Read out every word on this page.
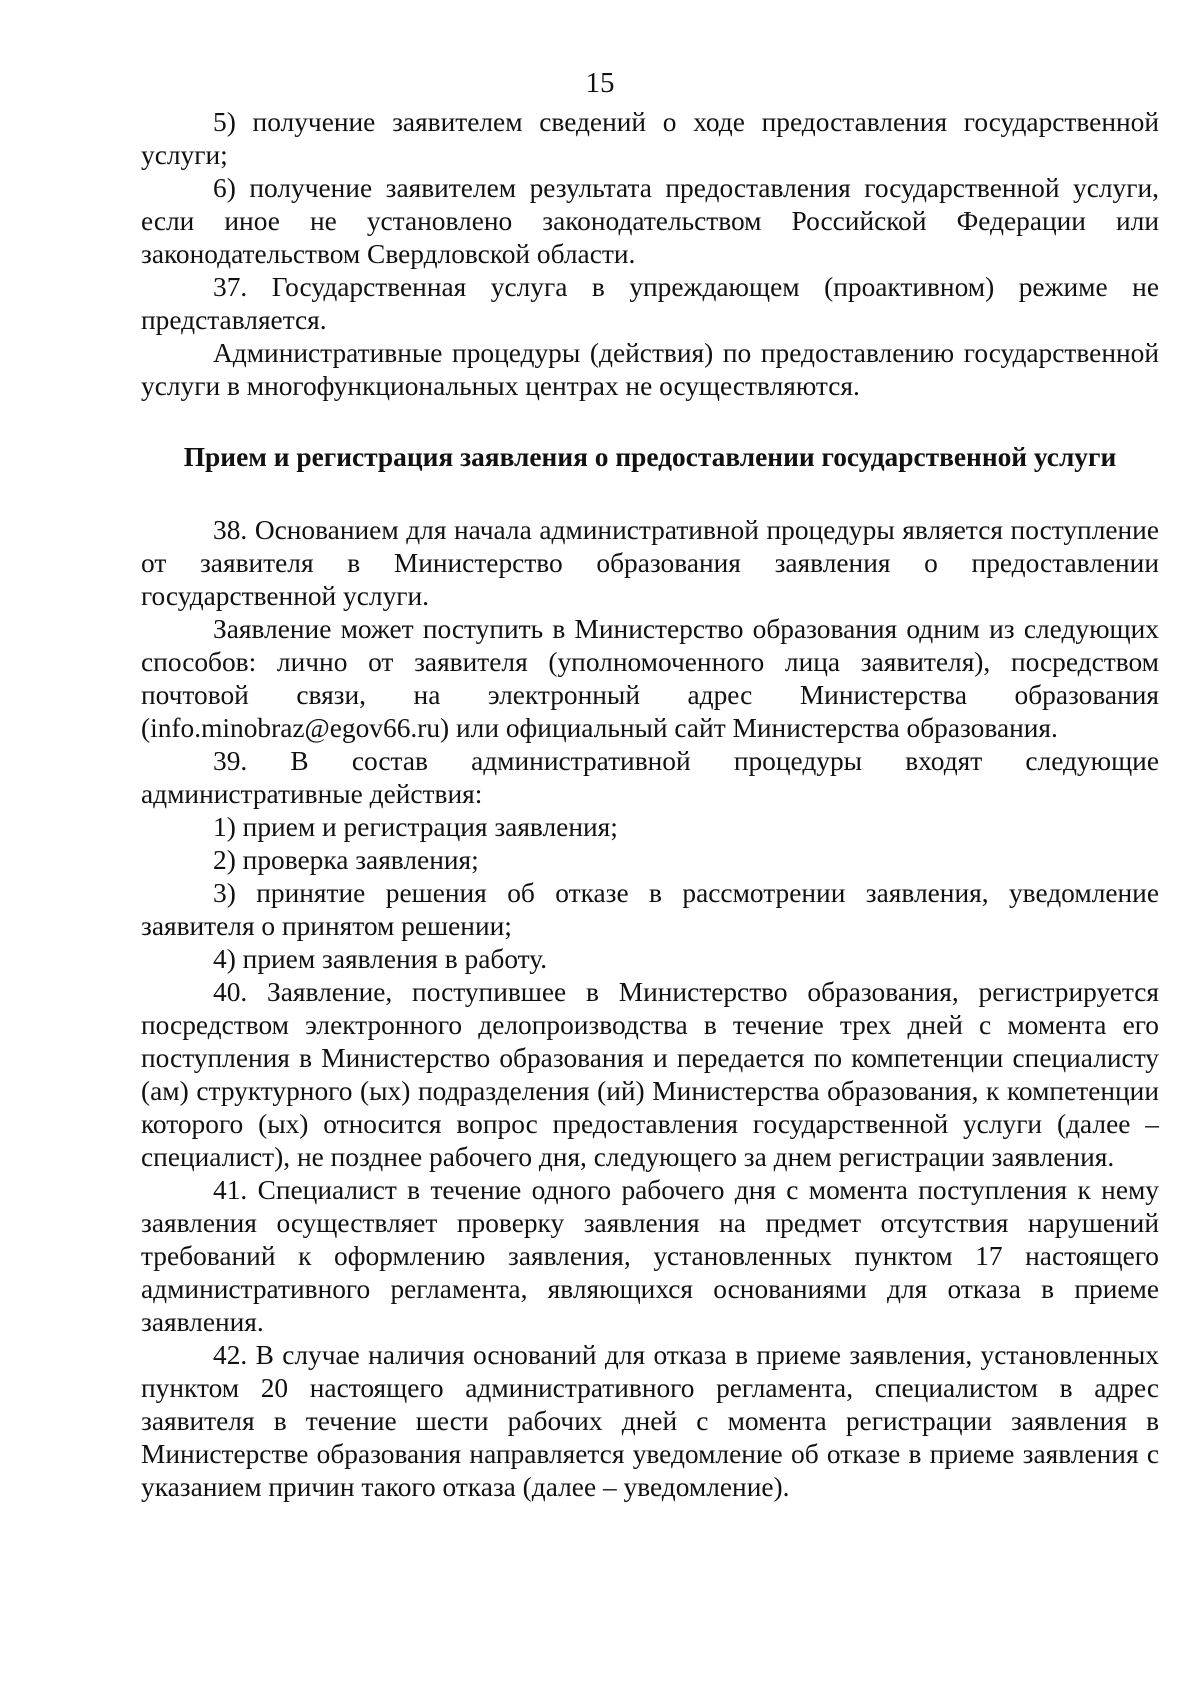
15

5) получение заявителем сведений о ходе предоставления государственной услуги;

6) получение заявителем результата предоставления государственной услуги, если иное не установлено законодательством Российской Федерации или законодательством Свердловской области.

37. Государственная услуга в упреждающем (проактивном) режиме не представляется.

Административные процедуры (действия) по предоставлению государственной услуги в многофункциональных центрах не осуществляются.

Прием и регистрация заявления о предоставлении государственной услуги

38. Основанием для начала административной процедуры является поступление от заявителя в Министерство образования заявления о предоставлении государственной услуги.

Заявление может поступить в Министерство образования одним из следующих способов: лично от заявителя (уполномоченного лица заявителя), посредством почтовой связи, на электронный адрес Министерства образования (info.minobraz@egov66.ru) или официальный сайт Министерства образования.

39. В состав административной процедуры входят следующие административные действия:

1) прием и регистрация заявления;

2) проверка заявления;

3) принятие решения об отказе в рассмотрении заявления, уведомление заявителя о принятом решении;

4) прием заявления в работу.

40. Заявление, поступившее в Министерство образования, регистрируется посредством электронного делопроизводства в течение трех дней с момента его поступления в Министерство образования и передается по компетенции специалисту (ам) структурного (ых) подразделения (ий) Министерства образования, к компетенции которого (ых) относится вопрос предоставления государственной услуги (далее – специалист), не позднее рабочего дня, следующего за днем регистрации заявления.

41. Специалист в течение одного рабочего дня с момента поступления к нему заявления осуществляет проверку заявления на предмет отсутствия нарушений требований к оформлению заявления, установленных пунктом 17 настоящего административного регламента, являющихся основаниями для отказа в приеме заявления.

42. В случае наличия оснований для отказа в приеме заявления, установленных пунктом 20 настоящего административного регламента, специалистом в адрес заявителя в течение шести рабочих дней с момента регистрации заявления в Министерстве образования направляется уведомление об отказе в приеме заявления с указанием причин такого отказа (далее – уведомление).
